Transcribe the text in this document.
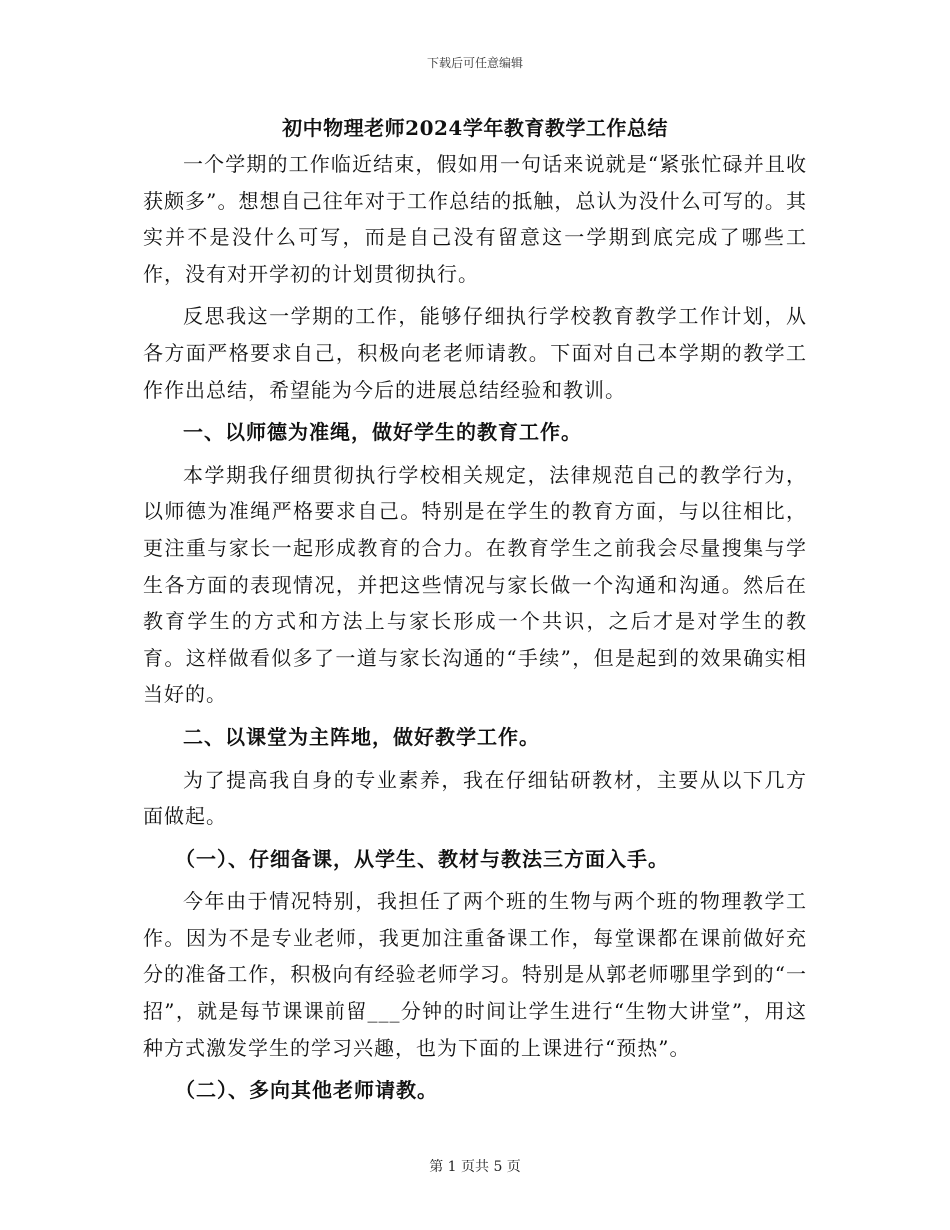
下载后可任意编辑
初中物理老师2024学年教育教学工作总结

一个学期的工作临近结束，假如用一句话来说就是“紧张忙碌并且收获颇多”。想想自己往年对于工作总结的抵触，总认为没什么可写的。其实并不是没什么可写，而是自己没有留意这一学期到底完成了哪些工作，没有对开学初的计划贯彻执行。

反思我这一学期的工作，能够仔细执行学校教育教学工作计划，从各方面严格要求自己，积极向老老师请教。下面对自己本学期的教学工作作出总结，希望能为今后的进展总结经验和教训。

一、以师德为准绳，做好学生的教育工作。

本学期我仔细贯彻执行学校相关规定，法律规范自己的教学行为，以师德为准绳严格要求自己。特别是在学生的教育方面，与以往相比，更注重与家长一起形成教育的合力。在教育学生之前我会尽量搜集与学生各方面的表现情况，并把这些情况与家长做一个沟通和沟通。然后在教育学生的方式和方法上与家长形成一个共识，之后才是对学生的教育。这样做看似多了一道与家长沟通的“手续”，但是起到的效果确实相当好的。

二、以课堂为主阵地，做好教学工作。

为了提高我自身的专业素养，我在仔细钻研教材，主要从以下几方面做起。

（一）、仔细备课，从学生、教材与教法三方面入手。

今年由于情况特别，我担任了两个班的生物与两个班的物理教学工作。因为不是专业老师，我更加注重备课工作，每堂课都在课前做好充分的准备工作，积极向有经验老师学习。特别是从郭老师哪里学到的“一招”，就是每节课课前留___分钟的时间让学生进行“生物大讲堂”，用这种方式激发学生的学习兴趣，也为下面的上课进行“预热”。

（二）、多向其他老师请教。

第 1 页共 5 页
